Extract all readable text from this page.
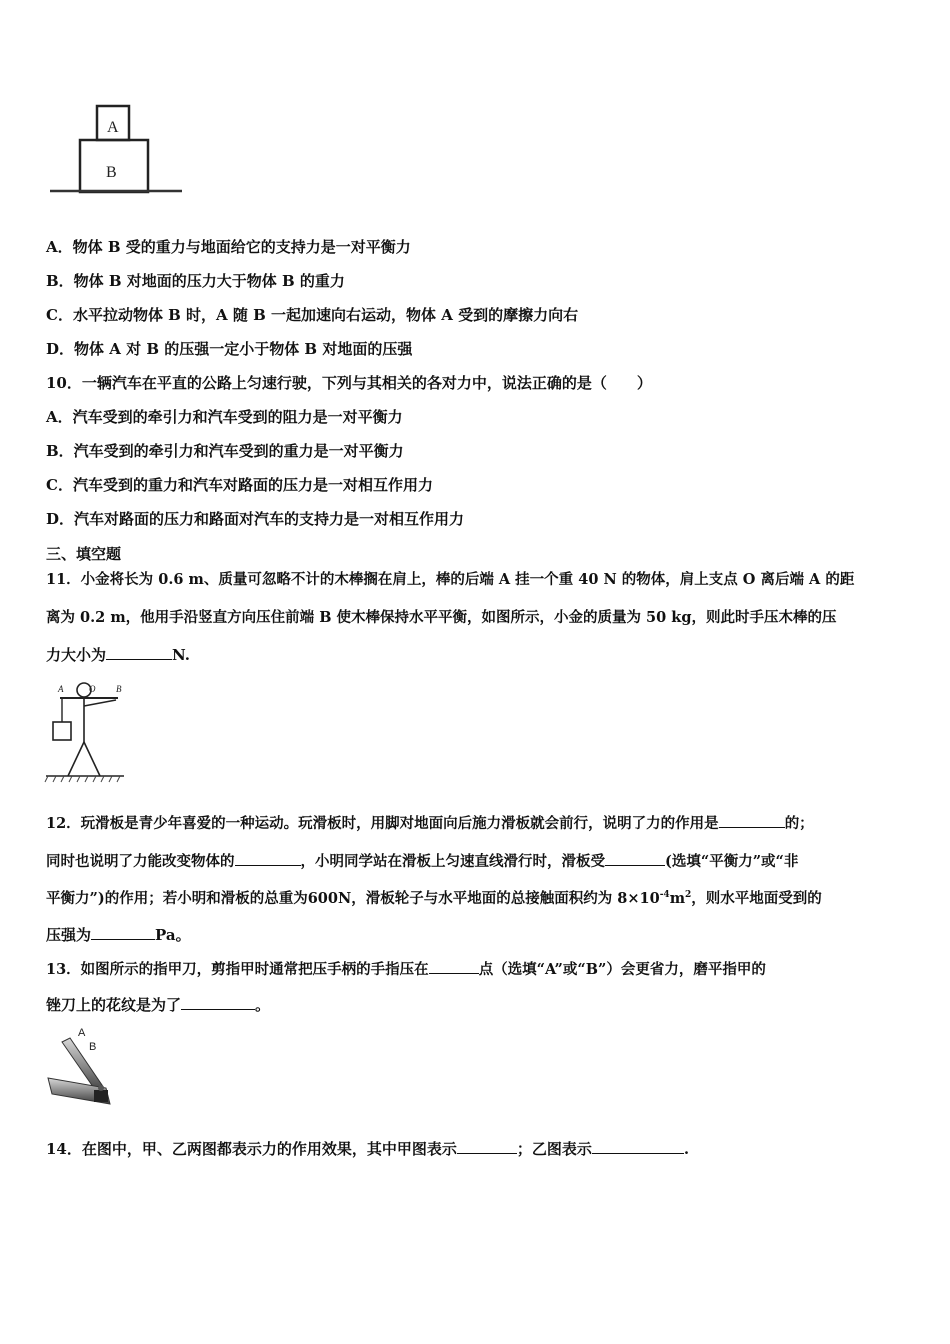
A
B
A．物体 B 受的重力与地面给它的支持力是一对平衡力
B．物体 B 对地面的压力大于物体 B 的重力
C．水平拉动物体 B 时，A 随 B 一起加速向右运动，物体 A 受到的摩擦力向右
D．物体 A 对 B 的压强一定小于物体 B 对地面的压强
10．一辆汽车在平直的公路上匀速行驶，下列与其相关的各对力中，说法正确的是（　　）
A．汽车受到的牵引力和汽车受到的阻力是一对平衡力
B．汽车受到的牵引力和汽车受到的重力是一对平衡力
C．汽车受到的重力和汽车对路面的压力是一对相互作用力
D．汽车对路面的压力和路面对汽车的支持力是一对相互作用力
三、填空题
11．小金将长为 0.6 m、质量可忽略不计的木棒搁在肩上，棒的后端 A 挂一个重 40 N 的物体，肩上支点 O 离后端 A 的距
离为 0.2 m，他用手沿竖直方向压住前端 B 使木棒保持水平平衡，如图所示，小金的质量为 50 kg，则此时手压木棒的压
力大小为	N.
A	O B
12．玩滑板是青少年喜爱的一种运动。玩滑板时，用脚对地面向后施力滑板就会前行，说明了力的作用是	的；
同时也说明了力能改变物体的	，小明同学站在滑板上匀速直线滑行时，滑板受	(选填“平衡力”或“非
平衡力”)的作用；若小明和滑板的总重为600N，滑板轮子与水平地面的总接触面积约为 $8\times 10^{-4}m^2$，则水平地面受到的
压强为	Pa。
13．如图所示的指甲刀，剪指甲时通常把压手柄的手指压在	点（选填“A”或“B”）会更省力，磨平指甲的
锉刀上的花纹是为了	。
A
B
14．在图中，甲、乙两图都表示力的作用效果，其中甲图表示	；乙图表示	.
